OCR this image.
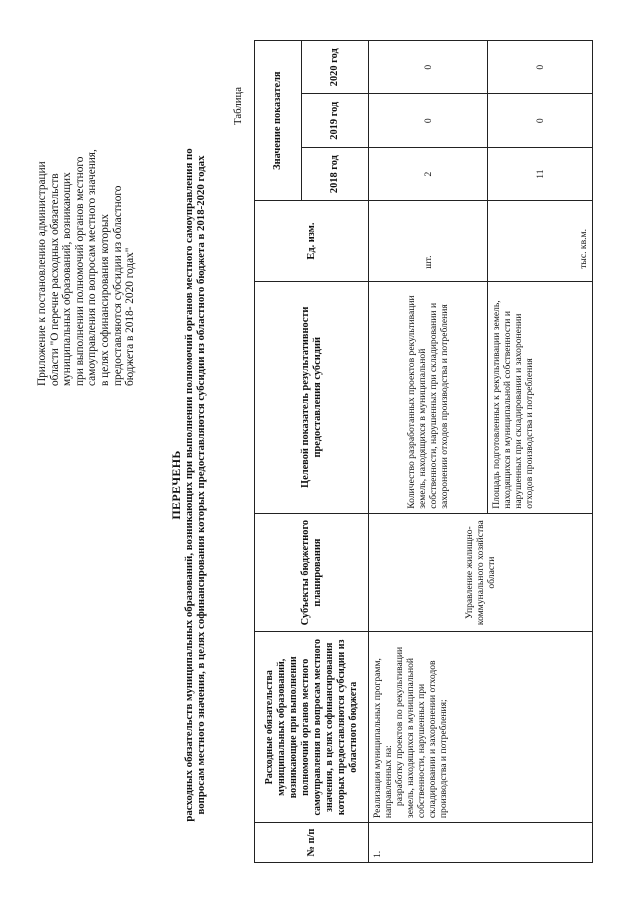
Приложение к постановлению администрации области "О перечне расходных обязательств муниципальных образований, возникающих при выполнении полномочий органов местного самоуправления по вопросам местного значения, в целях софинансирования которых предоставляются субсидии из областного бюджета в 2018- 2020 годах"
ПЕРЕЧЕНЬ расходных обязательств муниципальных образований, возникающих при выполнении полномочий органов местного самоуправления по
вопросам местного значения, в целях софинансирования которых предоставляются субсидии из областного бюджета в 2018-2020 годах
Таблица
№ п/п	Расходные обязательства муниципальных образований, возникающие при выполнении полномочий органов местного самоуправления по вопросам местного значения, в целях софинансирования которых предоставляются субсидии из областного бюджета	Субъекты бюджетного планирования	Целевой показатель результативности предоставления субсидий	Ед. изм.	Значение показателя		
					2018 год	2019 год	2020 год
1.	Реализация муниципальных программ, направленных на: разработку проектов по рекультивации земель, находящихся в муниципальной собственности, нарушенных при складировании и захоронении отходов производства и потребления;	Управление жилищно-коммунального хозяйства области	Количество разработанных проектов рекультивации земель, находящихся в муниципальной собственности, нарушенных при складировании и захоронении отходов производства и потребления	шт.	2	0	0
			Площадь подготовленных к рекультивации земель, находящихся в муниципальной собственности и нарушенных при складировании и захоронении отходов производства и потребления	тыс. кв.м.	11	0	0
